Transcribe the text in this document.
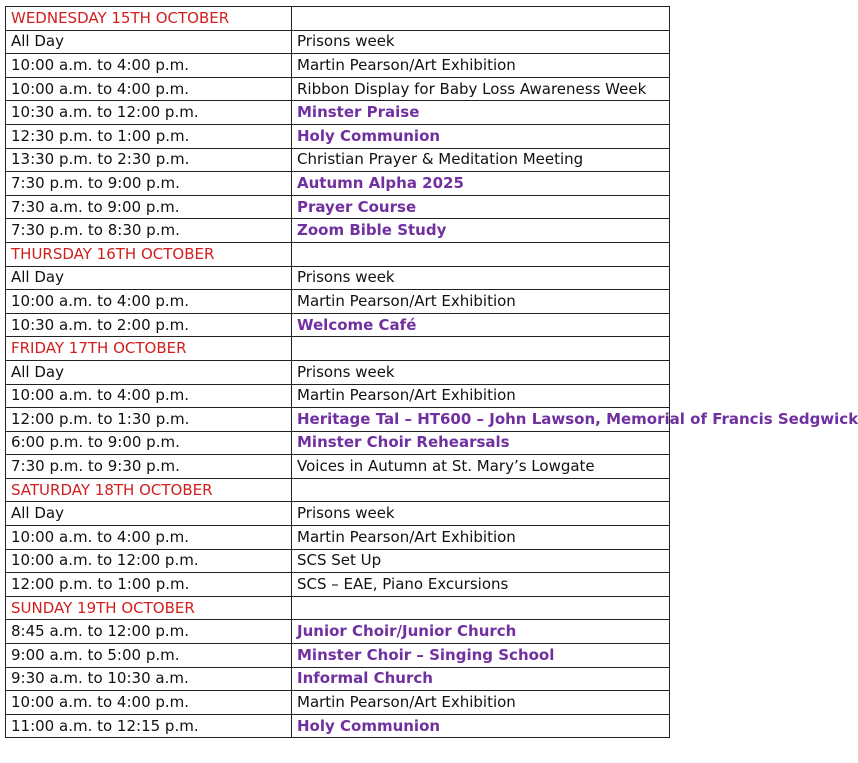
WEDNESDAY 15TH OCTOBER	
All Day	Prisons week
10:00 a.m. to 4:00 p.m.	Martin Pearson/Art Exhibition
10:00 a.m. to 4:00 p.m.	Ribbon Display for Baby Loss Awareness Week
10:30 a.m. to 12:00 p.m.	Minster Praise
12:30 p.m. to 1:00 p.m.	Holy Communion
13:30 p.m. to 2:30 p.m.	Christian Prayer & Meditation Meeting
7:30 p.m. to 9:00 p.m.	Autumn Alpha 2025
7:30 a.m. to 9:00 p.m.	Prayer Course
7:30 p.m. to 8:30 p.m.	Zoom Bible Study
THURSDAY 16TH OCTOBER	
All Day	Prisons week
10:00 a.m. to 4:00 p.m.	Martin Pearson/Art Exhibition
10:30 a.m. to 2:00 p.m.	Welcome Café
FRIDAY 17TH OCTOBER	
All Day	Prisons week
10:00 a.m. to 4:00 p.m.	Martin Pearson/Art Exhibition
12:00 p.m. to 1:30 p.m.	Heritage Tal – HT600 – John Lawson, Memorial of Francis Sedgwick
6:00 p.m. to 9:00 p.m.	Minster Choir Rehearsals
7:30 p.m. to 9:30 p.m.	Voices in Autumn at St. Mary’s Lowgate
SATURDAY 18TH OCTOBER	
All Day	Prisons week
10:00 a.m. to 4:00 p.m.	Martin Pearson/Art Exhibition
10:00 a.m. to 12:00 p.m.	SCS Set Up
12:00 p.m. to 1:00 p.m.	SCS – EAE, Piano Excursions
SUNDAY 19TH OCTOBER	
8:45 a.m. to 12:00 p.m.	Junior Choir/Junior Church
9:00 a.m. to 5:00 p.m.	Minster Choir – Singing School
9:30 a.m. to 10:30 a.m.	Informal Church
10:00 a.m. to 4:00 p.m.	Martin Pearson/Art Exhibition
11:00 a.m. to 12:15 p.m.	Holy Communion
